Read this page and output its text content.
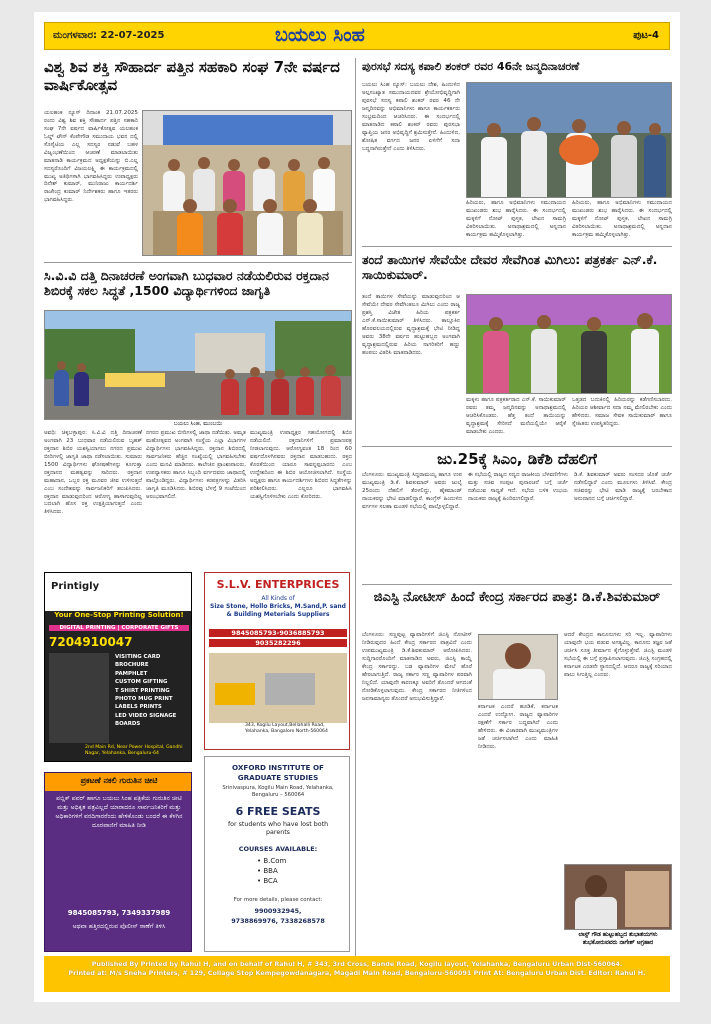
ಮಂಗಳವಾರ: 22-07-2025	ಬಯಲು ಸಿಂಹ	ಪುಟ-4
ವಿಶ್ವ ಶಿವ ಶಕ್ತಿ ಸೌಹಾರ್ದ ಪತ್ತಿನ ಸಹಕಾರಿ ಸಂಘ 7ನೇ ವರ್ಷದ ವಾರ್ಷಿಕೋತ್ಸವ
ಯಲಹಂಕ ನ್ಯೂಸ್ ದಿನಾಂಕ 21.07.2025 ರಂದು ವಿಶ್ವ ಶಿವ ಶಕ್ತಿ ಸೌಹಾರ್ದ ಪತ್ತಿನ ಸಹಕಾರಿ ಸಂಘ 7ನೇ ವರ್ಷದ ವಾರ್ಷಿಕೋತ್ಸವ ಯಲಹಂಕ ಓಲ್ಡ್ ಟೌನ್ ಕೆಂಪೇಗೌಡ ಸಮುದಾಯ ಭವನ ದಲ್ಲಿ ಸೊಸೈಟಿಯ ಎಲ್ಲ ಸದಸ್ಯರ ನಡುವೆ ಬಹಳ ವಿಜೃಂಭಣೆಯಿಂದ ಆಚರಣೆ ಮಾಡಲಾಯಿತು ಮಾತನಾಡಿ ಕಾರ್ಯಕ್ರಮದ ಅಧ್ಯಕ್ಷತೆಯನ್ನು ಬಿ.ಎಲ್ಲ ಸದಸ್ಯರೊಂದಿಗೆ ವಿಜಯಲಕ್ಷ್ಮಿ ಈ ಕಾರ್ಯಕ್ರಮದಲ್ಲಿ ಮುಖ್ಯ ಅತಿಥಿಗಳಾಗಿ ಭಾಗವಹಿಸಿದ್ದರು ಉಪಾಧ್ಯಕ್ಷರು ದಿನೇಶ್ ಕುಮಾರ್, ಮುನಿರಾಜು ಕಾರ್ಯದರ್ಶಿ ರಾಜೇಂದ್ರ ಕುಮಾರ್ ನಿರ್ದೇಶಕರು ಹಾಗೂ ಇತರರು ಭಾಗವಹಿಸಿದ್ದರು.
ಸಿ.ವಿ.ವಿ ದತ್ತಿ ದಿನಾಚರಣೆ ಅಂಗವಾಗಿ ಬುಧವಾರ ನಡೆಯಲಿರುವ ರಕ್ತದಾನ ಶಿಬಿರಕ್ಕೆ ಸಕಲ ಸಿದ್ಧತೆ ,1500 ವಿದ್ಯಾರ್ಥಿಗಳಿಂದ ಜಾಗೃತಿ
ಬಯಲು ಸಿಂಹ, ಮುಂಬಯಿ
ಅವಧಿ: ಚಿಕ್ಕಬಳ್ಳಾಪುರ: ಸಿ.ವಿ.ವಿ ದತ್ತಿ ದಿನಾಚರಣೆ ಅಂಗವಾಗಿ 23 ಬುಧವಾರ ನಡೆಯಲಿರುವ ಬೃಹತ್ ರಕ್ತದಾನ ಶಿಬಿರ ಯಶಸ್ವಿಯಾಗಲು ನಗರದ ಪ್ರಮುಖ ಬೀದಿಗಳಲ್ಲಿ ಜಾಗೃತಿ ಜಾಥಾ ನಡೆಸಲಾಯಿತು. ಸುಮಾರು 1500 ವಿದ್ಯಾರ್ಥಿಗಳು ಘೋಷಣೆಗಳನ್ನು ಕೂಗುತ್ತಾ ರಕ್ತದಾನದ ಮಹತ್ವವನ್ನು ಸಾರಿದರು. ರಕ್ತದಾನ ಮಹಾದಾನ, ಒಬ್ಬರ ರಕ್ತ ಮೂವರ ಜೀವ ಉಳಿಸುತ್ತದೆ ಎಂಬ ಸಂದೇಶವನ್ನು ಸಾರ್ವಜನಿಕರಿಗೆ ತಲುಪಿಸಿದರು. ರಕ್ತದಾನ ಮಾಡುವುದರಿಂದ ಆರೋಗ್ಯ ಹಾಳಾಗುವುದಿಲ್ಲ ಬದಲಾಗಿ ಹೊಸ ರಕ್ತ ಉತ್ಪತ್ತಿಯಾಗುತ್ತದೆ ಎಂದು ತಿಳಿಸಿದರು.
ನಗರದ ಪ್ರಮುಖ ಬೀದಿಗಳಲ್ಲಿ ಜಾಥಾ ನಡೆಯಿತು. ಅಮೃತ ಮಹೋತ್ಸವದ ಅಂಗವಾಗಿ ಸಂಸ್ಥೆಯ ಎಲ್ಲಾ ವಿಭಾಗಗಳ ವಿದ್ಯಾರ್ಥಿಗಳು ಭಾಗವಹಿಸಿದ್ದರು. ರಕ್ತದಾನ ಶಿಬಿರದಲ್ಲಿ ಸಾರ್ವಜನಿಕರು ಹೆಚ್ಚಿನ ಸಂಖ್ಯೆಯಲ್ಲಿ ಭಾಗವಹಿಸಬೇಕು ಎಂದು ಮನವಿ ಮಾಡಿದರು. ಕಾಲೇಜಿನ ಪ್ರಾಂಶುಪಾಲರು, ಉಪನ್ಯಾಸಕರು ಹಾಗೂ ಸಿಬ್ಬಂದಿ ವರ್ಗದವರು ಜಾಥಾದಲ್ಲಿ ಪಾಲ್ಗೊಂಡಿದ್ದರು. ವಿದ್ಯಾರ್ಥಿಗಳು ಕರಪತ್ರಗಳನ್ನು ವಿತರಿಸಿ ಜಾಗೃತಿ ಮೂಡಿಸಿದರು. ಶಿಬಿರವು ಬೆಳಗ್ಗೆ 9 ಗಂಟೆಯಿಂದ ಆರಂಭವಾಗಲಿದೆ.
ಮುಖ್ಯಮಂತ್ರಿ ಉಪಾಧ್ಯಕ್ಷರ ಸಹಯೋಗದಲ್ಲಿ ಶಿಬಿರ ನಡೆಯಲಿದೆ. ರಕ್ತದಾನಿಗಳಿಗೆ ಪ್ರಮಾಣಪತ್ರ ನೀಡಲಾಗುವುದು. ಆರೋಗ್ಯವಂತ 18 ರಿಂದ 60 ವರ್ಷದೊಳಗಿನವರು ರಕ್ತದಾನ ಮಾಡಬಹುದು. ರಕ್ತದ ಕೊರತೆಯಿಂದ ಯಾರೂ ಸಾವನ್ನಪ್ಪಬಾರದು ಎಂಬ ಉದ್ದೇಶದಿಂದ ಈ ಶಿಬಿರ ಆಯೋಜಿಸಲಾಗಿದೆ. ಸಂಸ್ಥೆಯ ಅಧ್ಯಕ್ಷರು ಹಾಗೂ ಕಾರ್ಯದರ್ಶಿಗಳು ಶಿಬಿರದ ಸಿದ್ಧತೆಗಳನ್ನು ಪರಿಶೀಲಿಸಿದರು. ಎಲ್ಲರೂ ಭಾಗವಹಿಸಿ ಯಶಸ್ವಿಗೊಳಿಸಬೇಕು ಎಂದು ಕೋರಿದರು.
Printigly
Your One-Stop Printing Solution!
DIGITAL PRINTING | CORPORATE GIFTS
7204910047
VISITING CARD
BROCHURE
PAMPHLET
CUSTOM GIFTING
T SHIRT PRINTING
PHOTO MUG PRINT
LABELS PRINTS
LED VIDEO SIGNAGE BOARDS
2nd Main Rd, Near Power Hospital, Gandhi Nagar, Yelahanka, Bengaluru-64
S.L.V. ENTERPRICES
All Kinds of
Size Stone, Hollo Bricks, M.Sand,P. sand & Building Meterials Suppliers
9845085793-9036885793
9035282296
343, Kogilu Layout,Bellahalli Road, Yelahanka, Bangalore North-560064
ಪ್ರಕಟಣೆ ನಕಲಿ ಗುರುತಿನ ಚೀಟಿ
ಪಬ್ಲಿಕ್ ಪವರ್ ಹಾಗೂ ಬಯಲು ಸಿಂಹ ಪತ್ರಿಕೆಯ ಗುರುತಿನ ಚೀಟಿ ಮತ್ತು ಅಧಿಕೃತ ಪತ್ರವಿಲ್ಲದೆ ಯಾರಾದರೂ ಸಾರ್ವಜನಿಕರಿಗೆ ಮತ್ತು ಅಧಿಕಾರಿಗಳಿಗೆ ವರದಿಗಾರರೆಂದು ಹೇಳಿಕೊಂಡು ಬಂದರೆ ಈ ಕೆಳಗಿನ ದೂರವಾಣಿಗೆ ಮಾಹಿತಿ ನೀಡಿ
9845085793, 7349337989
ಅಥವಾ ಹತ್ತಿರದಲ್ಲಿರುವ ಪೊಲೀಸ್ ಠಾಣೆಗೆ ತಿಳಿಸಿ
OXFORD INSTITUTE OF
GRADUATE STUDIES
Srinivaspura, Kogilu Main Road, Yelahanka, Bengaluru – 560064
6 FREE SEATS
for students who have lost both parents
COURSES AVAILABLE:
• B.Com
• BBA
• BCA
For more details, please contact:
9900932945,
9738869976, 7338268578
ಪುರಸಭೆ ಸದಸ್ಯ ಕಪಾಲಿ ಶಂಕರ್ ರವರ 46ನೇ ಜನ್ಮದಿನಾಚರಣೆ
ಬಯಲು ಸಿಂಹ ನ್ಯೂಸ್: ಬಯಲು ದೇಶ, ಹಿಂದುಳಿದ ಅಲ್ಪಸಂಖ್ಯಾತ ಸಮುದಾಯದವರ ಶ್ರೇಯೋಭಿವೃದ್ಧಿಗಾಗಿ ಪುರಸಭೆ ಸದಸ್ಯ ಕಪಾಲಿ ಶಂಕರ್ ರವರ 46 ನೇ ಜನ್ಮದಿನವನ್ನು ಅಭಿಮಾನಿಗಳು ಹಾಗೂ ಕಾರ್ಯಕರ್ತರು ಸಂಭ್ರಮದಿಂದ ಆಚರಿಸಿದರು. ಈ ಸಂದರ್ಭದಲ್ಲಿ ಮಾತನಾಡಿದ ಕಪಾಲಿ ಶಂಕರ್ ರವರು ಪುರಸಭಾ ವ್ಯಾಪ್ತಿಯ ಜನರ ಅಭಿವೃದ್ಧಿಗೆ ಶ್ರಮಿಸುತ್ತೇನೆ. ಹಿಂದುಳಿದ, ಶೋಷಿತ ವರ್ಗದ ಜನರ ಏಳಿಗೆಗೆ ಸದಾ ಬದ್ಧನಾಗಿರುತ್ತೇನೆ ಎಂದು ತಿಳಿಸಿದರು.
ಹಿರಿಯರು, ಹಾಗೂ ಅಭಿಮಾನಿಗಳು ಸಮುದಾಯದ ಮುಖಂಡರು ಶುಭ ಹಾರೈಸಿದರು. ಈ ಸಂದರ್ಭದಲ್ಲಿ ಮಕ್ಕಳಿಗೆ ನೋಟ್ ಪುಸ್ತಕ, ಲೇಖನ ಸಾಮಗ್ರಿ ವಿತರಿಸಲಾಯಿತು. ಅನಾಥಾಶ್ರಮದಲ್ಲಿ ಅನ್ನದಾನ ಕಾರ್ಯಕ್ರಮ ಹಮ್ಮಿಕೊಳ್ಳಲಾಗಿತ್ತು.
ಹಿರಿಯರು, ಹಾಗೂ ಅಭಿಮಾನಿಗಳು ಸಮುದಾಯದ ಮುಖಂಡರು ಶುಭ ಹಾರೈಸಿದರು. ಈ ಸಂದರ್ಭದಲ್ಲಿ ಮಕ್ಕಳಿಗೆ ನೋಟ್ ಪುಸ್ತಕ, ಲೇಖನ ಸಾಮಗ್ರಿ ವಿತರಿಸಲಾಯಿತು. ಅನಾಥಾಶ್ರಮದಲ್ಲಿ ಅನ್ನದಾನ ಕಾರ್ಯಕ್ರಮ ಹಮ್ಮಿಕೊಳ್ಳಲಾಗಿತ್ತು.
ತಂದೆ ತಾಯಿಗಳ ಸೇವೆಯೇ ದೇವರ ಸೇವೆಗಿಂತ ಮಿಗಿಲು: ಪತ್ರಕರ್ತ ಎನ್.ಕೆ. ಸಾಯಿಕುಮಾರ್.
ತಂದೆ ತಾಯಿಗಳ ಸೇವೆಯನ್ನು ಮಾಡುವುದರಿಂದ ಆ ಸೇವೆಯೇ ದೇವರ ಸೇವೆಗಿಂತಲೂ ಮಿಗಿಲು ಎಂದು ರಾಜ್ಯ ಪ್ರಶಸ್ತಿ ವಿಜೇತ ಹಿರಿಯ ಪತ್ರಕರ್ತ ಎನ್.ಕೆ.ಸಾಯಿಕುಮಾರ್ ತಿಳಿಸಿದರು. ತಾಲ್ಲೂಕಿನ ಹೊರವಲಯದಲ್ಲಿರುವ ವೃದ್ಧಾಶ್ರಮಕ್ಕೆ ಭೇಟಿ ನೀಡಿದ್ದ ಅವರು 38ನೇ ವರ್ಷದ ಹುಟ್ಟುಹಬ್ಬದ ಅಂಗವಾಗಿ ವೃದ್ಧಾಶ್ರಮದಲ್ಲಿರುವ ಹಿರಿಯ ನಾಗರಿಕರಿಗೆ ಹಣ್ಣು ಹಂಪಲು ವಿತರಿಸಿ ಮಾತನಾಡಿದರು.
ಮಕ್ಕಳು ಹಾಗೂ ಪತ್ರಕರ್ತರಾದ ಎನ್.ಕೆ. ಸಾಯಿಕುಮಾರ್ ರವರು ತಮ್ಮ ಜನ್ಮದಿನವನ್ನು ಅನಾಥಾಶ್ರಮದಲ್ಲಿ ಆಚರಿಸಿಕೊಂಡರು. ಹೆತ್ತ ತಂದೆ ತಾಯಿಯನ್ನು ವೃದ್ಧಾಶ್ರಮಕ್ಕೆ ಸೇರಿಸದೆ ಮನೆಯಲ್ಲಿಯೇ ಆರೈಕೆ ಮಾಡಬೇಕು ಎಂದರು.
ಒತ್ತಡದ ಬದುಕಿನಲ್ಲಿ ಹಿರಿಯರನ್ನು ಕಡೆಗಣಿಸಬಾರದು. ಹಿರಿಯರ ಆಶೀರ್ವಾದ ಸದಾ ನಮ್ಮ ಮೇಲಿರಬೇಕು ಎಂದು ಹೇಳಿದರು. ಸಮಾಜ ಸೇವಕ ಸಾಯಿಕುಮಾರ್ ಹಾಗೂ ಸ್ನೇಹಿತರು ಉಪಸ್ಥಿತರಿದ್ದರು.
ಜು.25ಕ್ಕೆ ಸಿಎಂ, ಡಿಕೆಶಿ ದೆಹಲಿಗೆ
ಬೆಂಗಳೂರು: ಮುಖ್ಯಮಂತ್ರಿ ಸಿದ್ದರಾಮಯ್ಯ ಹಾಗೂ ಉಪ ಮುಖ್ಯಮಂತ್ರಿ ಡಿ.ಕೆ. ಶಿವಕುಮಾರ್ ಅವರು ಜುಲೈ 25ರಂದು ದೆಹಲಿಗೆ ತೆರಳಲಿದ್ದು, ಹೈಕಮಾಂಡ್ ನಾಯಕರನ್ನು ಭೇಟಿ ಮಾಡಲಿದ್ದಾರೆ. ಕಾಂಗ್ರೆಸ್ ಹಿಂದುಳಿದ ವರ್ಗಗಳ ಸಲಹಾ ಮಂಡಳಿ ಸಭೆಯಲ್ಲಿ ಪಾಲ್ಗೊಳ್ಳಲಿದ್ದಾರೆ.
ಈ ಸಭೆಯಲ್ಲಿ ರಾಜ್ಯದ ಸದ್ಯದ ರಾಜಕೀಯ ಬೆಳವಣಿಗೆಗಳು ಮತ್ತು ಸಚಿವ ಸಂಪುಟ ಪುನಾರಚನೆ ಬಗ್ಗೆ ಚರ್ಚೆ ನಡೆಯುವ ಸಾಧ್ಯತೆ ಇದೆ. ಸಭೆಯ ಬಳಿಕ ಉಭಯ ನಾಯಕರು ರಾಜ್ಯಕ್ಕೆ ಹಿಂದಿರುಗಲಿದ್ದಾರೆ.
ಡಿ.ಕೆ. ಶಿವಕುಮಾರ್ ಅವರು ಸಂಸದರ ಜೊತೆ ಚರ್ಚೆ ನಡೆಸಲಿದ್ದಾರೆ ಎಂದು ಮೂಲಗಳು ತಿಳಿಸಿವೆ. ಕೇಂದ್ರ ಸಚಿವರನ್ನು ಭೇಟಿ ಮಾಡಿ ರಾಜ್ಯಕ್ಕೆ ಬರಬೇಕಾದ ಅನುದಾನದ ಬಗ್ಗೆ ಚರ್ಚಿಸಲಿದ್ದಾರೆ.
ಜಿಎಸ್ಟಿ ನೋಟೀಸ್ ಹಿಂದೆ ಕೇಂದ್ರ ಸರ್ಕಾರದ ಪಾತ್ರ: ಡಿ.ಕೆ.ಶಿವಕುಮಾರ್
ಬೆಂಗಳೂರು: ಸಣ್ಣಪುಟ್ಟ ವ್ಯಾಪಾರಿಗಳಿಗೆ ಜಿಎಸ್ಟಿ ನೋಟೀಸ್ ನೀಡಿರುವುದರ ಹಿಂದೆ ಕೇಂದ್ರ ಸರ್ಕಾರದ ಪಾತ್ರವಿದೆ ಎಂದು ಉಪಮುಖ್ಯಮಂತ್ರಿ ಡಿ.ಕೆ.ಶಿವಕುಮಾರ್ ಆರೋಪಿಸಿದರು. ಸುದ್ದಿಗಾರರೊಂದಿಗೆ ಮಾತನಾಡಿದ ಅವರು, ಜಿಎಸ್ಟಿ ಕಾಯ್ದೆ ಕೇಂದ್ರ ಸರ್ಕಾರದ್ದು. ಬಡ ವ್ಯಾಪಾರಿಗಳ ಮೇಲೆ ಹೊರೆ ಹೇರಲಾಗುತ್ತಿದೆ. ರಾಜ್ಯ ಸರ್ಕಾರ ಸಣ್ಣ ವ್ಯಾಪಾರಿಗಳ ಪರವಾಗಿ ನಿಲ್ಲಲಿದೆ. ಯಾವುದೇ ಕಾರಣಕ್ಕೂ ಅವರಿಗೆ ತೊಂದರೆ ಆಗದಂತೆ ನೋಡಿಕೊಳ್ಳಲಾಗುವುದು. ಕೇಂದ್ರ ಸರ್ಕಾರದ ನೀತಿಗಳಿಂದ ಜನಸಾಮಾನ್ಯರು ತೊಂದರೆ ಅನುಭವಿಸುತ್ತಿದ್ದಾರೆ.
ಕರ್ನಾಟಕ ಎಂದರೆ ಹೂಡಿಕೆ, ಕರ್ನಾಟಕ ಎಂದರೆ ಉದ್ಯೋಗ. ರಾಜ್ಯದ ವ್ಯಾಪಾರಿಗಳ ರಕ್ಷಣೆಗೆ ಸರ್ಕಾರ ಬದ್ಧವಾಗಿದೆ ಎಂದು ಹೇಳಿದರು. ಈ ವಿಚಾರವಾಗಿ ಮುಖ್ಯಮಂತ್ರಿಗಳ ಜತೆ ಚರ್ಚಿಸಲಾಗಿದೆ ಎಂದು ಮಾಹಿತಿ ನೀಡಿದರು.
ಆದರೆ ಕೇಂದ್ರದ ಕಾನೂನುಗಳು ಸರಿ ಇಲ್ಲ. ವ್ಯಾಪಾರಿಗಳು ಯಾವುದೇ ಭಯ ಪಡುವ ಅಗತ್ಯವಿಲ್ಲ. ಕಾನೂನು ತಜ್ಞರ ಜತೆ ಚರ್ಚಿಸಿ ಸೂಕ್ತ ತೀರ್ಮಾನ ಕೈಗೊಳ್ಳುತ್ತೇವೆ. ಜಿಎಸ್ಟಿ ಮಂಡಳಿ ಸಭೆಯಲ್ಲಿ ಈ ಬಗ್ಗೆ ಪ್ರಸ್ತಾಪಿಸಲಾಗುವುದು. ಜಿಎಸ್ಟಿ ಸಂಗ್ರಹದಲ್ಲಿ ಕರ್ನಾಟಕ ಎರಡನೇ ಸ್ಥಾನದಲ್ಲಿದೆ. ಆದರೂ ರಾಜ್ಯಕ್ಕೆ ಸರಿಯಾದ ಪಾಲು ಸಿಗುತ್ತಿಲ್ಲ ಎಂದರು.
ಲಾಸ್ಟ್ ಗೌಡ ಹುಟ್ಟುಹಬ್ಬದ ಶುಭಾಶಯಗಳು ಶುಭಕೋರುವವರು ನಾಗೇಶ್ ಅಗ್ರಹಾರ
Published By Printed by Rahul H, and on behalf of Rahul H, # 343, 3rd Cross, Bande Road, Kogilu layout, Yelahanka, Bengaluru Urban Dist-560064.
Printed at: M/s Sneha Printers, # 129, Collage Stop Kempegowdanagara, Magadi Main Road, Bengaluru-560091 Print At: Bengaluru Urban Dist. Editor: Rahul H.
